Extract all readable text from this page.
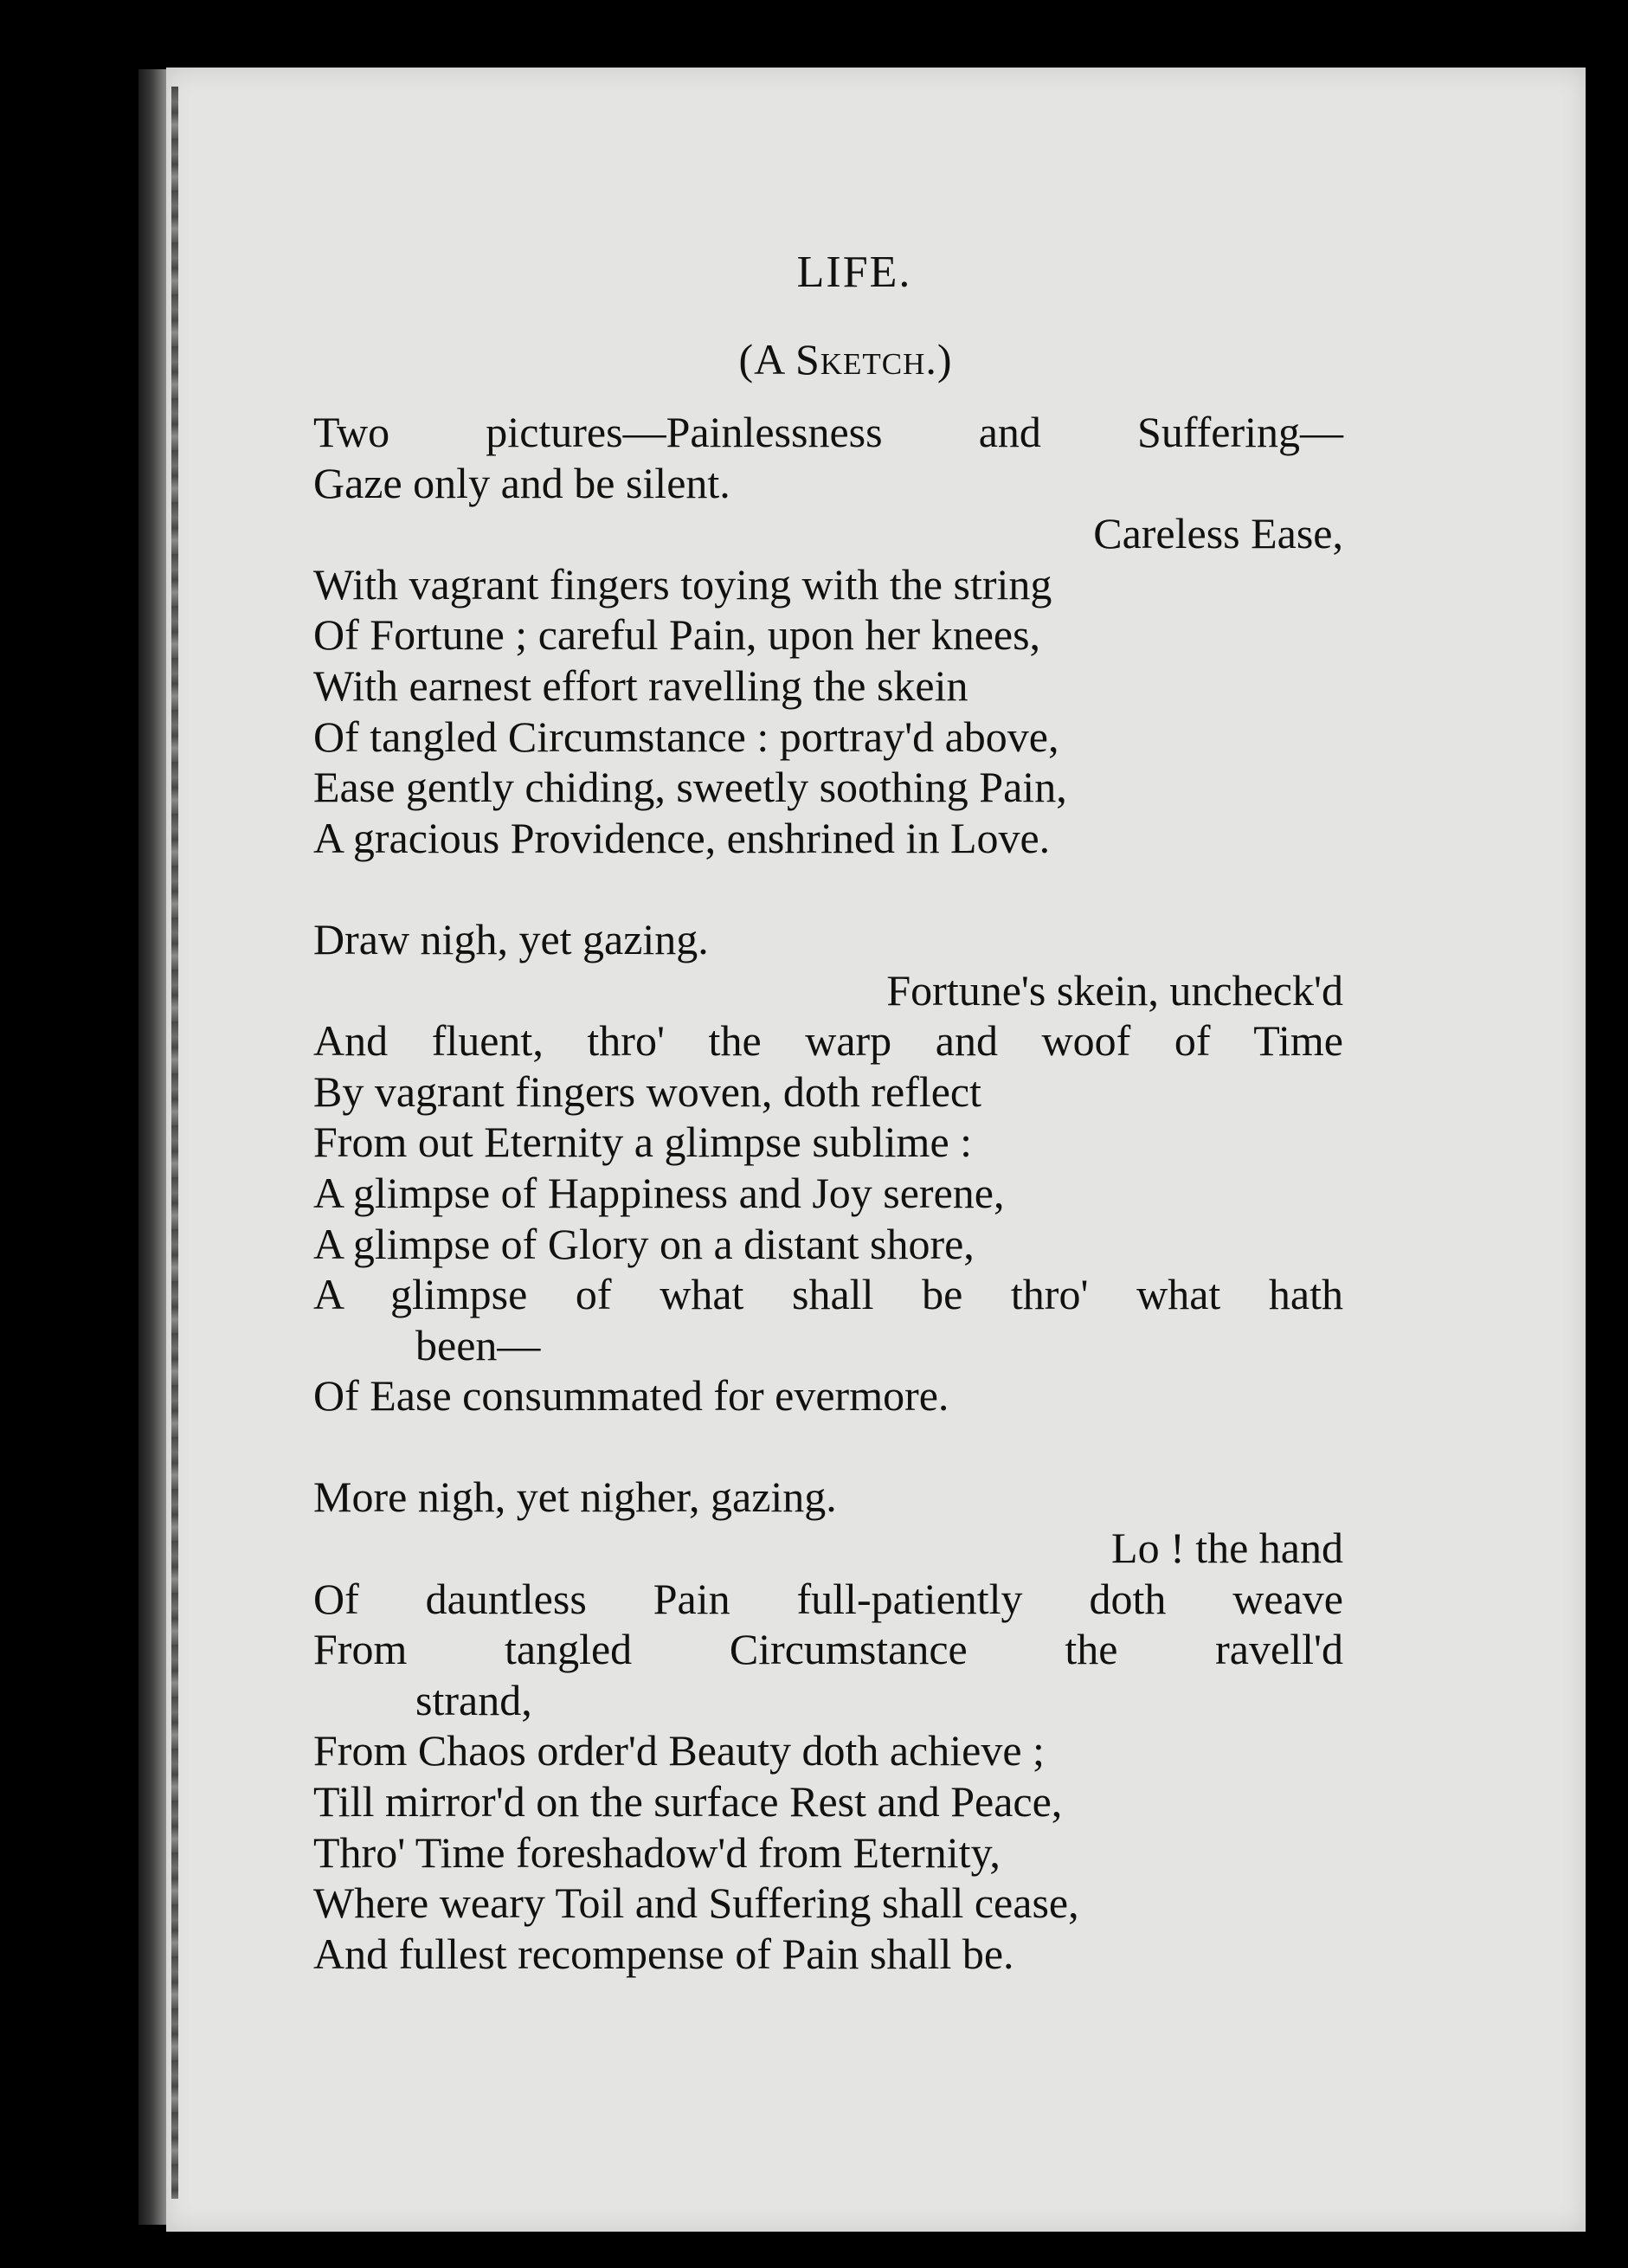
LIFE.
(A Sketch.)
Two pictures—Painlessness and Suffering—
Gaze only and be silent.
Careless Ease,
With vagrant fingers toying with the string
Of Fortune ; careful Pain, upon her knees,
With earnest effort ravelling the skein
Of tangled Circumstance : portray'd above,
Ease gently chiding, sweetly soothing Pain,
A gracious Providence, enshrined in Love.
Draw nigh, yet gazing.
Fortune's skein, uncheck'd
And fluent, thro' the warp and woof of Time
By vagrant fingers woven, doth reflect
From out Eternity a glimpse sublime :
A glimpse of Happiness and Joy serene,
A glimpse of Glory on a distant shore,
A glimpse of what shall be thro' what hath
been—
Of Ease consummated for evermore.
More nigh, yet nigher, gazing.
Lo ! the hand
Of dauntless Pain full-patiently doth weave
From tangled Circumstance the ravell'd
strand,
From Chaos order'd Beauty doth achieve ;
Till mirror'd on the surface Rest and Peace,
Thro' Time foreshadow'd from Eternity,
Where weary Toil and Suffering shall cease,
And fullest recompense of Pain shall be.
